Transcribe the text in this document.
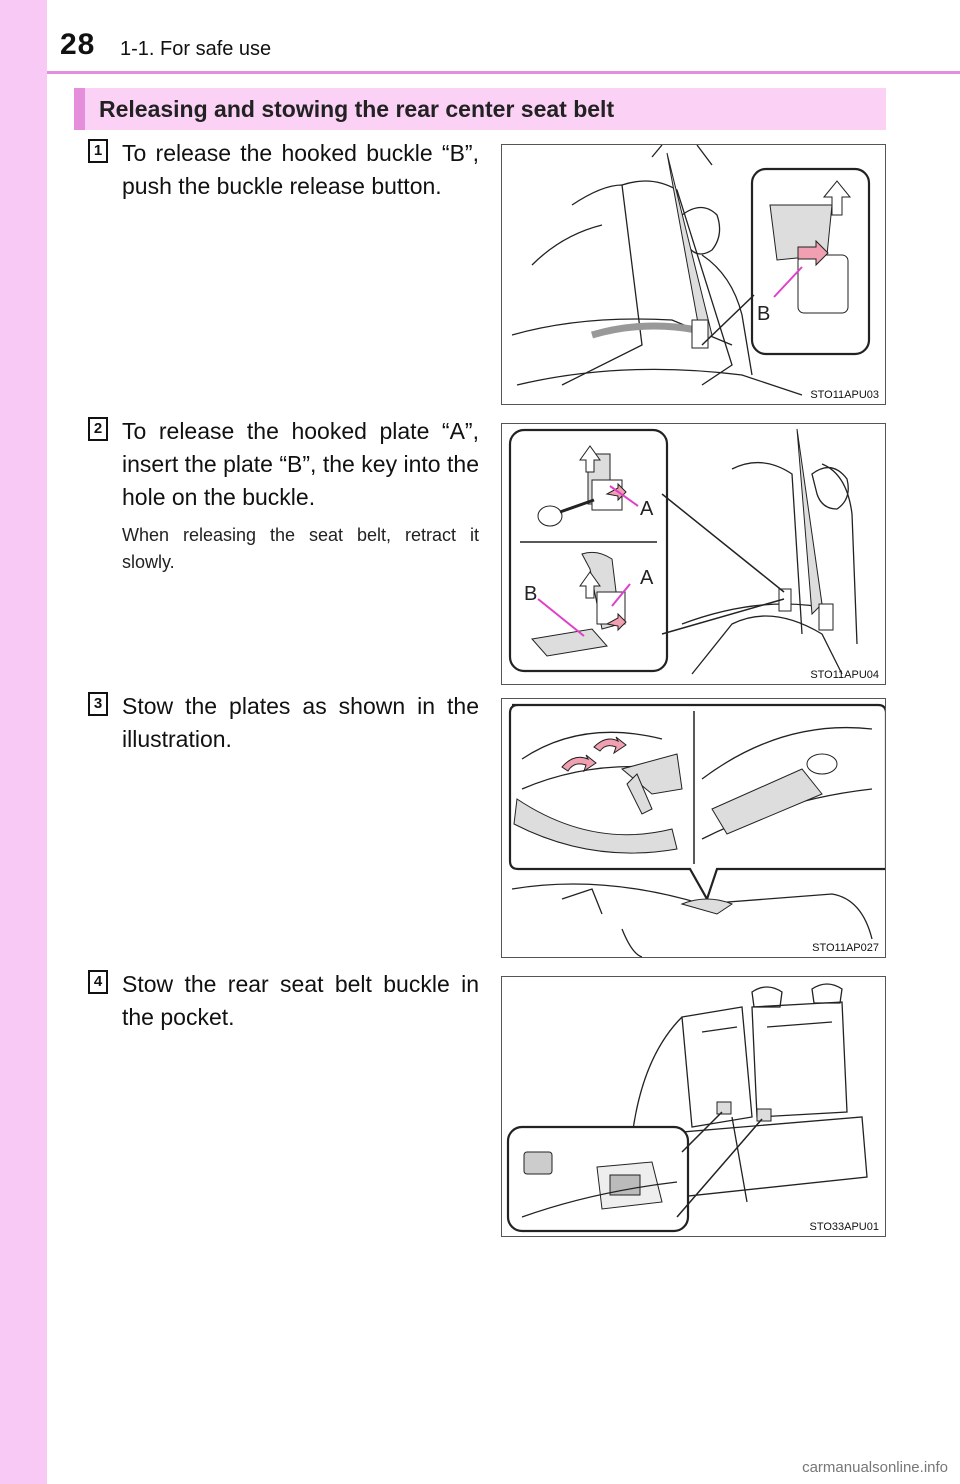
28 1-1. For safe use
Releasing and stowing the rear center seat belt
1 To release the hooked buckle “B”, push the buckle release button.
B
STO11APU03
2 To release the hooked plate “A”, insert the plate “B”, the key into the hole on the buckle.
When releasing the seat belt, retract it slowly.
A
A
B
STO11APU04
3 Stow the plates as shown in the illustration.
STO11AP027
4 Stow the rear seat belt buckle in the pocket.
STO33APU01
carmanualsonline.info
